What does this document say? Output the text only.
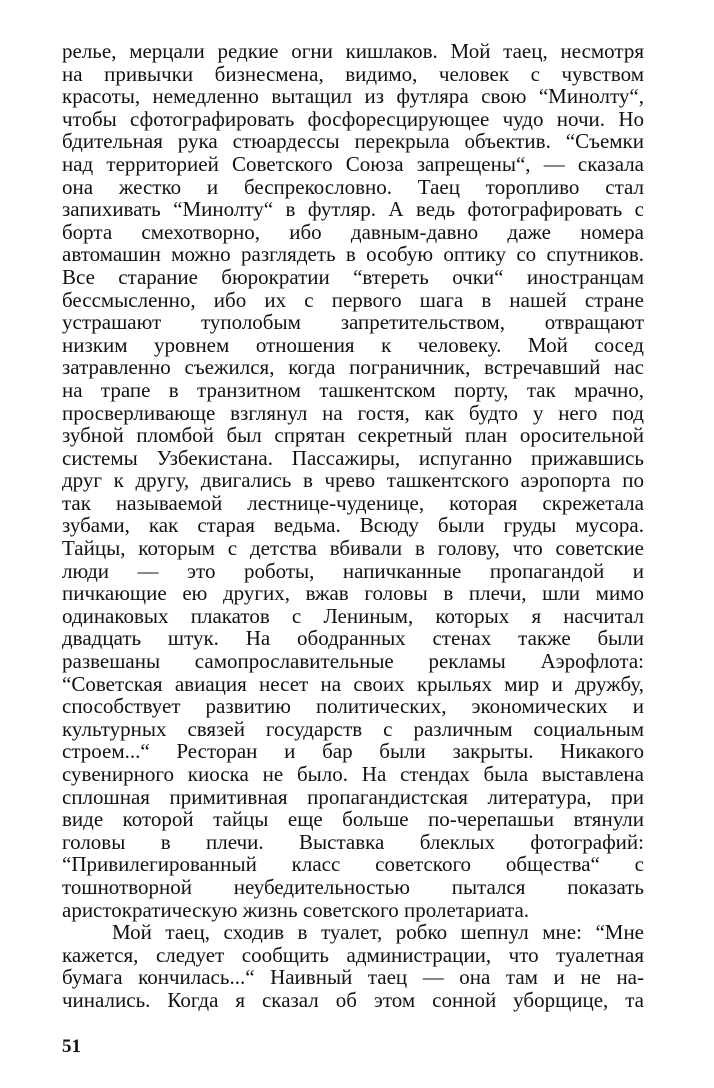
релье, мерцали редкие огни кишлаков. Мой таец, несмотря
на привычки бизнесмена, видимо, человек с чувством
красоты, немедленно вытащил из футляра свою “Минолту“,
чтобы сфотографировать фосфоресцирующее чудо ночи. Но
бдительная рука стюардессы перекрыла объектив. “Съемки
над территорией Советского Союза запрещены“, — сказала
она жестко и беспрекословно. Таец торопливо стал
запихивать “Минолту“ в футляр. А ведь фотографировать с
борта смехотворно, ибо давным-давно даже номера
автомашин можно разглядеть в особую оптику со спутников.
Все старание бюрократии “втереть очки“ иностранцам
бессмысленно, ибо их с первого шага в нашей стране
устрашают туполобым запретительством, отвращают
низким уровнем отношения к человеку. Мой сосед
затравленно съежился, когда пограничник, встречавший нас
на трапе в транзитном ташкентском порту, так мрачно,
просверливающе взглянул на гостя, как будто у него под
зубной пломбой был спрятан секретный план оросительной
системы Узбекистана. Пассажиры, испуганно прижавшись
друг к другу, двигались в чрево ташкентского аэропорта по
так называемой лестнице-чуденице, которая скрежетала
зубами, как старая ведьма. Всюду были груды мусора.
Тайцы, которым с детства вбивали в голову, что советские
люди — это роботы, напичканные пропагандой и
пичкающие ею других, вжав головы в плечи, шли мимо
одинаковых плакатов с Лениным, которых я насчитал
двадцать штук. На ободранных стенах также были
развешаны самопрославительные рекламы Аэрофлота:
“Советская авиация несет на своих крыльях мир и дружбу,
способствует развитию политических, экономических и
культурных связей государств с различным социальным
строем...“ Ресторан и бар были закрыты. Никакого
сувенирного киоска не было. На стендах была выставлена
сплошная примитивная пропагандистская литература, при
виде которой тайцы еще больше по-черепашьи втянули
головы в плечи. Выставка блеклых фотографий:
“Привилегированный класс советского общества“ с
тошнотворной неубедительностью пытался показать
аристократическую жизнь советского пролетариата.
Мой таец, сходив в туалет, робко шепнул мне: “Мне
кажется, следует сообщить администрации, что туалетная
бумага кончилась...“ Наивный таец — она там и не на-
чинались. Когда я сказал об этом сонной уборщице, та
51
